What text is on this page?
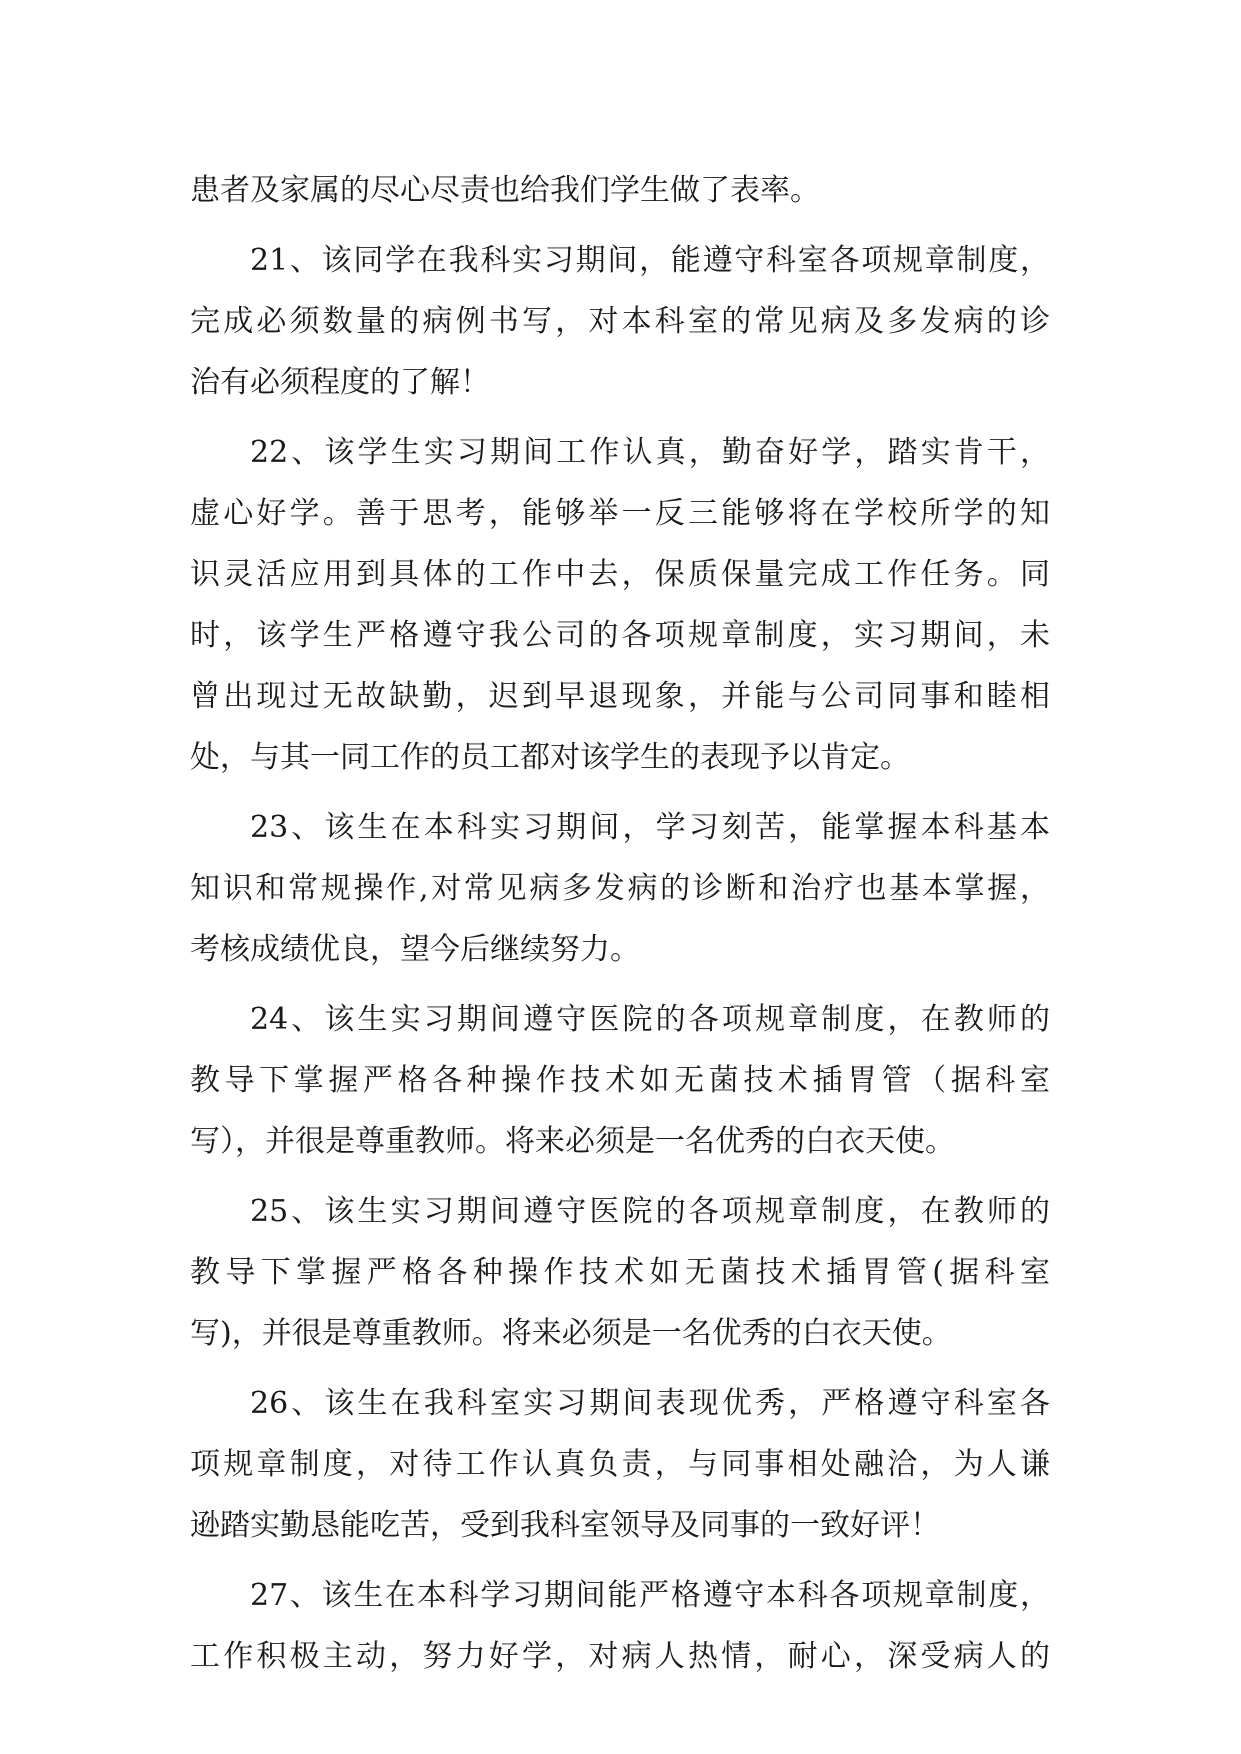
患者及家属的尽心尽责也给我们学生做了表率。
21、该同学在我科实习期间，能遵守科室各项规章制度，
完成必须数量的病例书写，对本科室的常见病及多发病的诊
治有必须程度的了解！
22、该学生实习期间工作认真，勤奋好学，踏实肯干，
虚心好学。善于思考，能够举一反三能够将在学校所学的知
识灵活应用到具体的工作中去，保质保量完成工作任务。同
时，该学生严格遵守我公司的各项规章制度，实习期间，未
曾出现过无故缺勤，迟到早退现象，并能与公司同事和睦相
处，与其一同工作的员工都对该学生的表现予以肯定。
23、该生在本科实习期间，学习刻苦，能掌握本科基本
知识和常规操作,对常见病多发病的诊断和治疗也基本掌握，
考核成绩优良，望今后继续努力。
24、该生实习期间遵守医院的各项规章制度，在教师的
教导下掌握严格各种操作技术如无菌技术插胃管（据科室
写），并很是尊重教师。将来必须是一名优秀的白衣天使。
25、该生实习期间遵守医院的各项规章制度，在教师的
教导下掌握严格各种操作技术如无菌技术插胃管(据科室
写)，并很是尊重教师。将来必须是一名优秀的白衣天使。
26、该生在我科室实习期间表现优秀，严格遵守科室各
项规章制度，对待工作认真负责，与同事相处融洽，为人谦
逊踏实勤恳能吃苦，受到我科室领导及同事的一致好评！
27、该生在本科学习期间能严格遵守本科各项规章制度，
工作积极主动，努力好学，对病人热情，耐心，深受病人的
